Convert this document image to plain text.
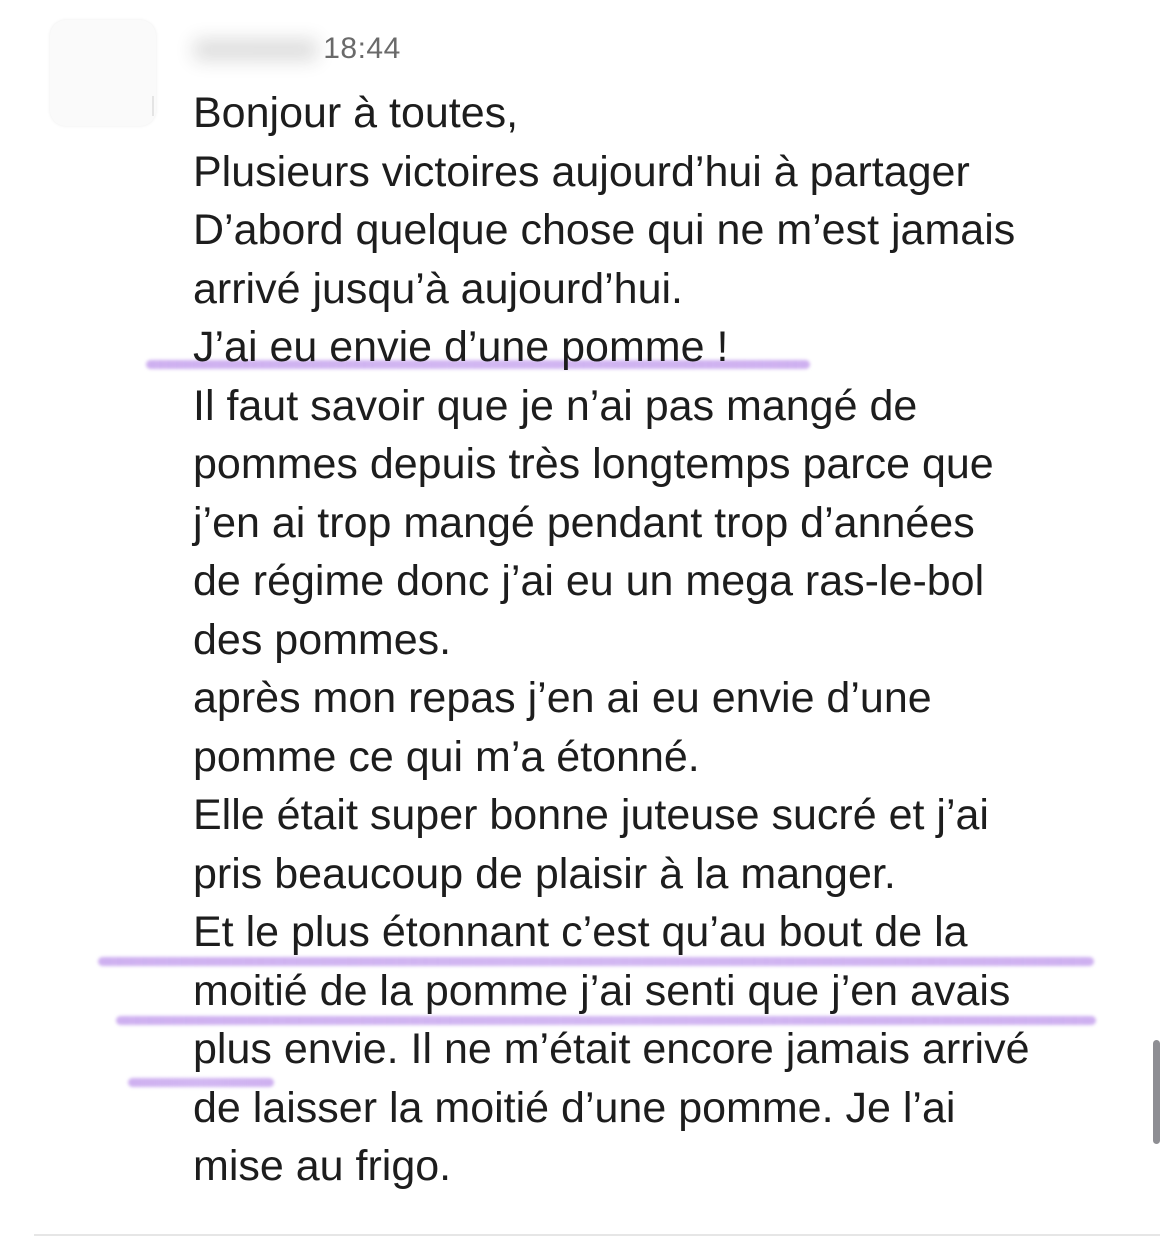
■■■■■■ 18:44
Bonjour à toutes,
Plusieurs victoires aujourd’hui à partager
D’abord quelque chose qui ne m’est jamais
arrivé jusqu’à aujourd’hui.
J’ai eu envie d’une pomme !
Il faut savoir que je n’ai pas mangé de
pommes depuis très longtemps parce que
j’en ai trop mangé pendant trop d’années
de régime donc j’ai eu un mega ras-le-bol
des pommes.
après mon repas j’en ai eu envie d’une
pomme ce qui m’a étonné.
Elle était super bonne juteuse sucré et j’ai
pris beaucoup de plaisir à la manger.
Et le plus étonnant c’est qu’au bout de la
moitié de la pomme j’ai senti que j’en avais
plus envie. Il ne m’était encore jamais arrivé
de laisser la moitié d’une pomme. Je l’ai
mise au frigo.
